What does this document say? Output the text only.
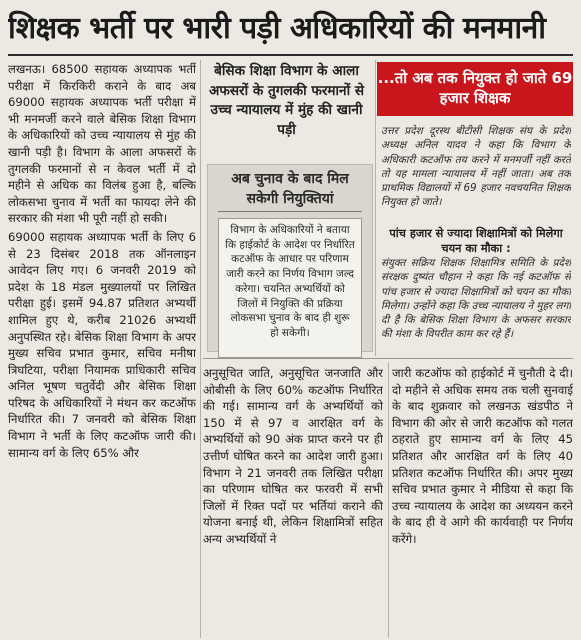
शिक्षक भर्ती पर भारी पड़ी अधिकारियों की मनमानी

लखनऊ। 68500 सहायक अध्यापक भर्ती परीक्षा में किरकिरी कराने के बाद अब 69000 सहायक अध्यापक भर्ती परीक्षा में भी मनमर्जी करने वाले बेसिक शिक्षा विभाग के अधिकारियों को उच्च न्यायालय से मुंह की खानी पड़ी है। विभाग के आला अफसरों के तुगलकी फरमानों से न केवल भर्ती में दो महीने से अधिक का विलंब हुआ है, बल्कि लोकसभा चुनाव में भर्ती का फायदा लेने की सरकार की मंशा भी पूरी नहीं हो सकी।

69000 सहायक अध्यापक भर्ती के लिए 6 से 23 दिसंबर 2018 तक ऑनलाइन आवेदन लिए गए। 6 जनवरी 2019 को प्रदेश के 18 मंडल मुख्यालयों पर लिखित परीक्षा हुई। इसमें 94.87 प्रतिशत अभ्यर्थी शामिल हुए थे, करीब 21026 अभ्यर्थी अनुपस्थित रहे। बेसिक शिक्षा विभाग के अपर मुख्य सचिव प्रभात कुमार, सचिव मनीषा त्रिघटिया, परीक्षा नियामक प्राधिकारी सचिव अनिल भूषण चतुर्वेदी और बेसिक शिक्षा परिषद के अधिकारियों ने मंथन कर कटऑफ निर्धारित की। 7 जनवरी को बेसिक शिक्षा विभाग ने भर्ती के लिए कटऑफ जारी की। सामान्य वर्ग के लिए 65% और

बेसिक शिक्षा विभाग के आला अफसरों के तुगलकी फरमानों से उच्च न्यायालय में मुंह की खानी पड़ी
अब चुनाव के बाद मिल सकेगी नियुक्तियां
विभाग के अधिकारियों ने बताया कि हाईकोर्ट के आदेश पर निर्धारित कटऑफ के आधार पर परिणाम जारी करने का निर्णय विभाग जल्द करेगा। चयनित अभ्यर्थियों को जिलों में नियुक्ति की प्रक्रिया लोकसभा चुनाव के बाद ही शुरू हो सकेगी।
...तो अब तक नियुक्त हो जाते 69 हजार शिक्षक
उत्तर प्रदेश दूरस्थ बीटीसी शिक्षक संघ के प्रदेश अध्यक्ष अनिल यादव ने कहा कि विभाग के अधिकारी कटऑफ तय करने में मनमर्जी नहीं करते तो यह मामला न्यायालय में नहीं जाता। अब तक प्राथमिक विद्यालयों में 69 हजार नवचयनित शिक्षक नियुक्त हो जाते।
पांच हजार से ज्यादा शिक्षामित्रों को मिलेगा चयन का मौका :
संयुक्त सक्रिय शिक्षक शिक्षामित्र समिति के प्रदेश संरक्षक दुष्यंत चौहान ने कहा कि नई कटऑफ से पांच हजार से ज्यादा शिक्षामित्रों को चयन का मौका मिलेगा। उन्होंने कहा कि उच्च न्यायालय ने मुहर लगा दी है कि बेसिक शिक्षा विभाग के अफसर सरकार की मंशा के विपरीत काम कर रहे हैं।
अनुसूचित जाति, अनुसूचित जनजाति और ओबीसी के लिए 60% कटऑफ निर्धारित की गई। सामान्य वर्ग के अभ्यर्थियों को 150 में से 97 व आरक्षित वर्ग के अभ्यर्थियों को 90 अंक प्राप्त करने पर ही उत्तीर्ण घोषित करने का आदेश जारी हुआ। विभाग ने 21 जनवरी तक लिखित परीक्षा का परिणाम घोषित कर फरवरी में सभी जिलों में रिक्त पदों पर भर्तियां कराने की योजना बनाई थी, लेकिन शिक्षामित्रों सहित अन्य अभ्यर्थियों ने
जारी कटऑफ को हाईकोर्ट में चुनौती दे दी। दो महीने से अधिक समय तक चली सुनवाई के बाद शुक्रवार को लखनऊ खंडपीठ ने विभाग की ओर से जारी कटऑफ को गलत ठहराते हुए सामान्य वर्ग के लिए 45 प्रतिशत और आरक्षित वर्ग के लिए 40 प्रतिशत कटऑफ निर्धारित की। अपर मुख्य सचिव प्रभात कुमार ने मीडिया से कहा कि उच्च न्यायालय के आदेश का अध्ययन करने के बाद ही वे आगे की कार्यवाही पर निर्णय करेंगे।
